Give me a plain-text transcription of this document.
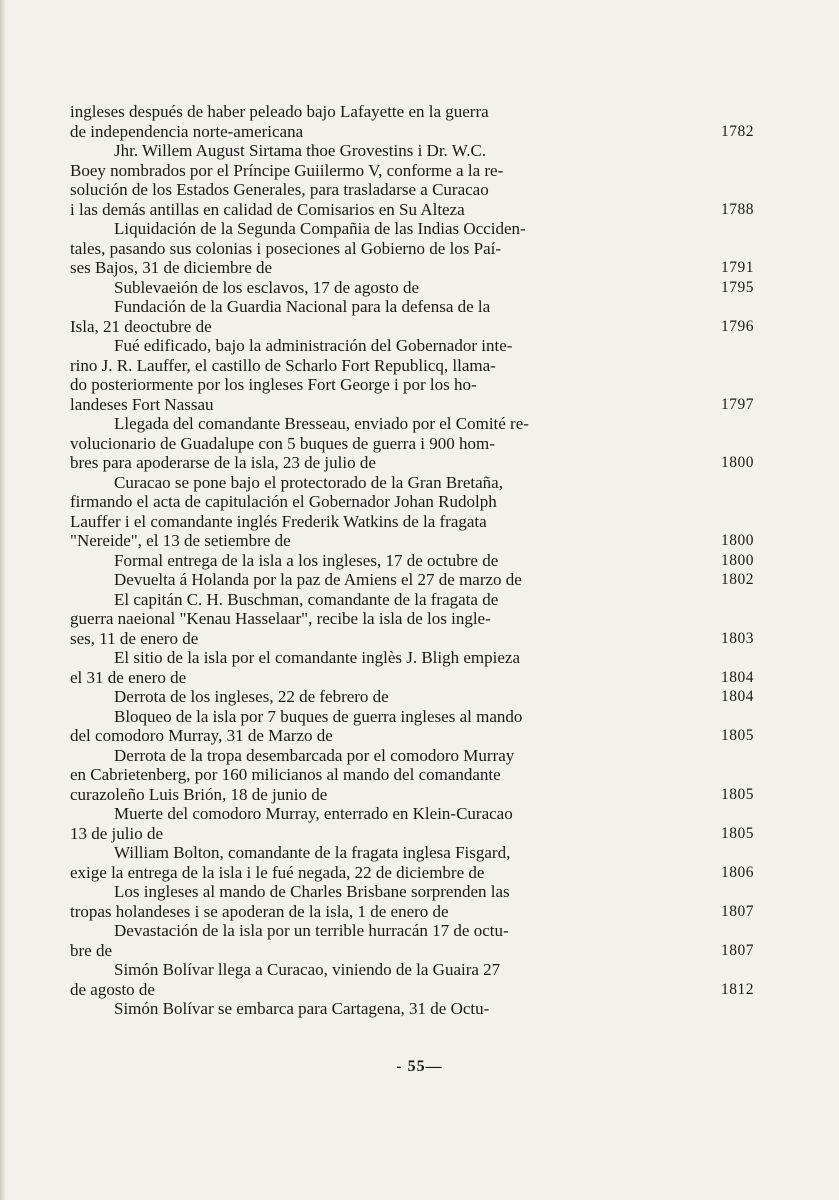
ingleses después de haber peleado bajo Lafayette en la guerra
de independencia norte-americana	1782
Jhr. Willem August Sirtama thoe Grovestins i Dr. W.C.
Boey nombrados por el Príncipe Guiilermo V, conforme a la re-
solución de los Estados Generales, para trasladarse a Curacao
i las demás antillas en calidad de Comisarios en Su Alteza	1788
Liquidación de la Segunda Compañia de las Indias Occiden-
tales, pasando sus colonias i poseciones al Gobierno de los Paí-
ses Bajos, 31 de diciembre de	1791
Sublevaeión de los esclavos, 17 de agosto de	1795
Fundación de la Guardia Nacional para la defensa de la
Isla, 21 deoctubre de	1796
Fué edificado, bajo la administración del Gobernador inte-
rino J. R. Lauffer, el castillo de Scharlo Fort Republicq, llama-
do posteriormente por los ingleses Fort George i por los ho-
landeses Fort Nassau	1797
Llegada del comandante Bresseau, enviado por el Comité re-
volucionario de Guadalupe con 5 buques de guerra i 900 hom-
bres para apoderarse de la isla, 23 de julio de	1800
Curacao se pone bajo el protectorado de la Gran Bretaña,
firmando el acta de capitulación el Gobernador Johan Rudolph
Lauffer i el comandante inglés Frederik Watkins de la fragata
"Nereide", el 13 de setiembre de	1800
Formal entrega de la isla a los ingleses, 17 de octubre de	1800
Devuelta á Holanda por la paz de Amiens el 27 de marzo de	1802
El capitán C. H. Buschman, comandante de la fragata de
guerra naeional "Kenau Hasselaar", recibe la isla de los ingle-
ses, 11 de enero de	1803
El sitio de la isla por el comandante inglès J. Bligh empieza
el 31 de enero de	1804
Derrota de los ingleses, 22 de febrero de	1804
Bloqueo de la isla por 7 buques de guerra ingleses al mando
del comodoro Murray, 31 de Marzo de	1805
Derrota de la tropa desembarcada por el comodoro Murray
en Cabrietenberg, por 160 milicianos al mando del comandante
curazoleño Luis Brión, 18 de junio de	1805
Muerte del comodoro Murray, enterrado en Klein-Curacao
13 de julio de	1805
William Bolton, comandante de la fragata inglesa Fisgard,
exige la entrega de la isla i le fué negada, 22 de diciembre de	1806
Los ingleses al mando de Charles Brisbane sorprenden las
tropas holandeses i se apoderan de la isla, 1 de enero de	1807
Devastación de la isla por un terrible hurracán 17 de octu-
bre de	1807
Simón Bolívar llega a Curacao, viniendo de la Guaira 27
de agosto de	1812
Simón Bolívar se embarca para Cartagena, 31 de Octu-
- 55—
